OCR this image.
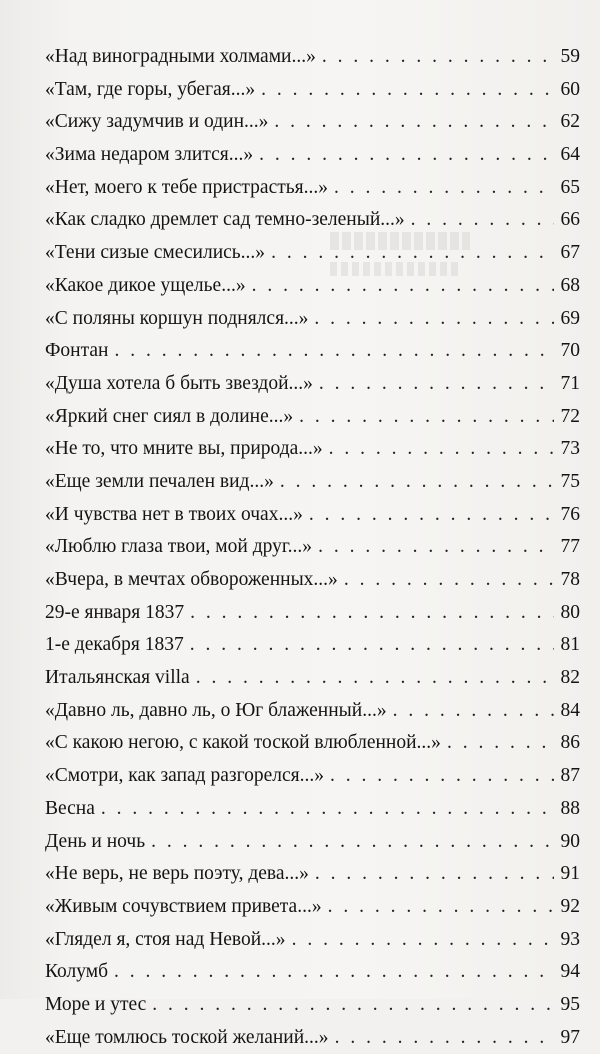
«Над виноградными холмами...» . . .	59
«Там, где горы, убегая...» . . .	60
«Сижу задумчив и один...» . . .	62
«Зима недаром злится...» . . .	64
«Нет, моего к тебе пристрастья...» . . .	65
«Как сладко дремлет сад темно-зеленый...» . . .	66
«Тени сизые смесились...» . . .	67
«Какое дикое ущелье...» . . .	68
«С поляны коршун поднялся...» . . .	69
Фонтан . . .	70
«Душа хотела б быть звездой...» . . .	71
«Яркий снег сиял в долине...» . . .	72
«Не то, что мните вы, природа...» . . .	73
«Еще земли печален вид...» . . .	75
«И чувства нет в твоих очах...» . . .	76
«Люблю глаза твои, мой друг...» . . .	77
«Вчера, в мечтах обвороженных...» . . .	78
29-е января 1837 . . .	80
1-е декабря 1837 . . .	81
Итальянская villa . . .	82
«Давно ль, давно ль, о Юг блаженный...» . . .	84
«С какою негою, с какой тоской влюбленной...» . . .	86
«Смотри, как запад разгорелся...» . . .	87
Весна . . .	88
День и ночь . . .	90
«Не верь, не верь поэту, дева...» . . .	91
«Живым сочувствием привета...» . . .	92
«Глядел я, стоя над Невой...» . . .	93
Колумб . . .	94
Море и утес . . .	95
«Еще томлюсь тоской желаний...» . . .	97
